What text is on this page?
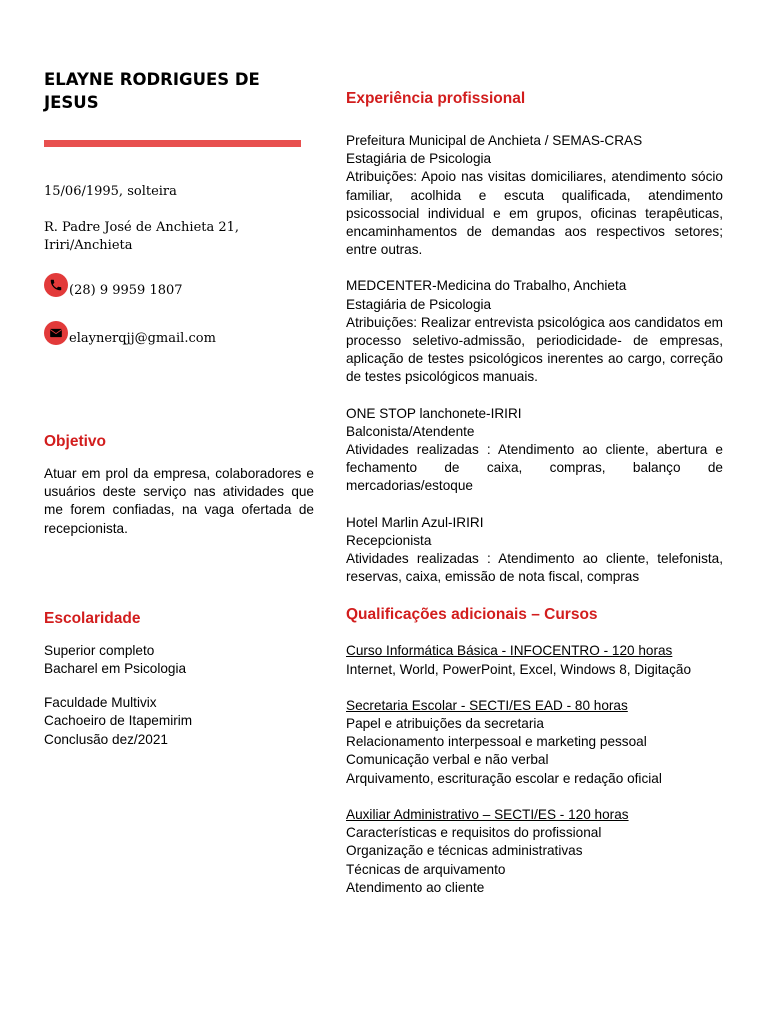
ELAYNE RODRIGUES DE JESUS
15/06/1995, solteira
R. Padre José de Anchieta 21,
Iriri/Anchieta
(28) 9 9959 1807
elaynerqjj@gmail.com
Objetivo

Atuar em prol da empresa, colaboradores e usuários deste serviço nas atividades que me forem confiadas, na vaga ofertada de recepcionista.

Escolaridade
Superior completo
Bacharel em Psicologia
Faculdade Multivix
Cachoeiro de Itapemirim
Conclusão dez/2021
Experiência profissional
Prefeitura Municipal de Anchieta / SEMAS-CRAS
Estagiária de Psicologia
Atribuições: Apoio nas visitas domiciliares, atendimento sócio familiar, acolhida e escuta qualificada, atendimento psicossocial individual e em grupos, oficinas terapêuticas, encaminhamentos de demandas aos respectivos setores; entre outras.
MEDCENTER-Medicina do Trabalho, Anchieta
Estagiária de Psicologia
Atribuições: Realizar entrevista psicológica aos candidatos em processo seletivo-admissão, periodicidade- de empresas, aplicação de testes psicológicos inerentes ao cargo, correção de testes psicológicos manuais.
ONE STOP lanchonete-IRIRI
Balconista/Atendente
Atividades realizadas : Atendimento ao cliente, abertura e fechamento de caixa, compras, balanço de mercadorias/estoque
Hotel Marlin Azul-IRIRI
Recepcionista
Atividades realizadas : Atendimento ao cliente, telefonista, reservas, caixa, emissão de nota fiscal, compras
Qualificações adicionais – Cursos
Curso Informática Básica - INFOCENTRO - 120 horas
Internet, World, PowerPoint, Excel, Windows 8, Digitação
Secretaria Escolar - SECTI/ES EAD - 80 horas
Papel e atribuições da secretaria
Relacionamento interpessoal e marketing pessoal
Comunicação verbal e não verbal
Arquivamento, escrituração escolar e redação oficial
Auxiliar Administrativo – SECTI/ES - 120 horas
Características e requisitos do profissional
Organização e técnicas administrativas
Técnicas de arquivamento
Atendimento ao cliente
